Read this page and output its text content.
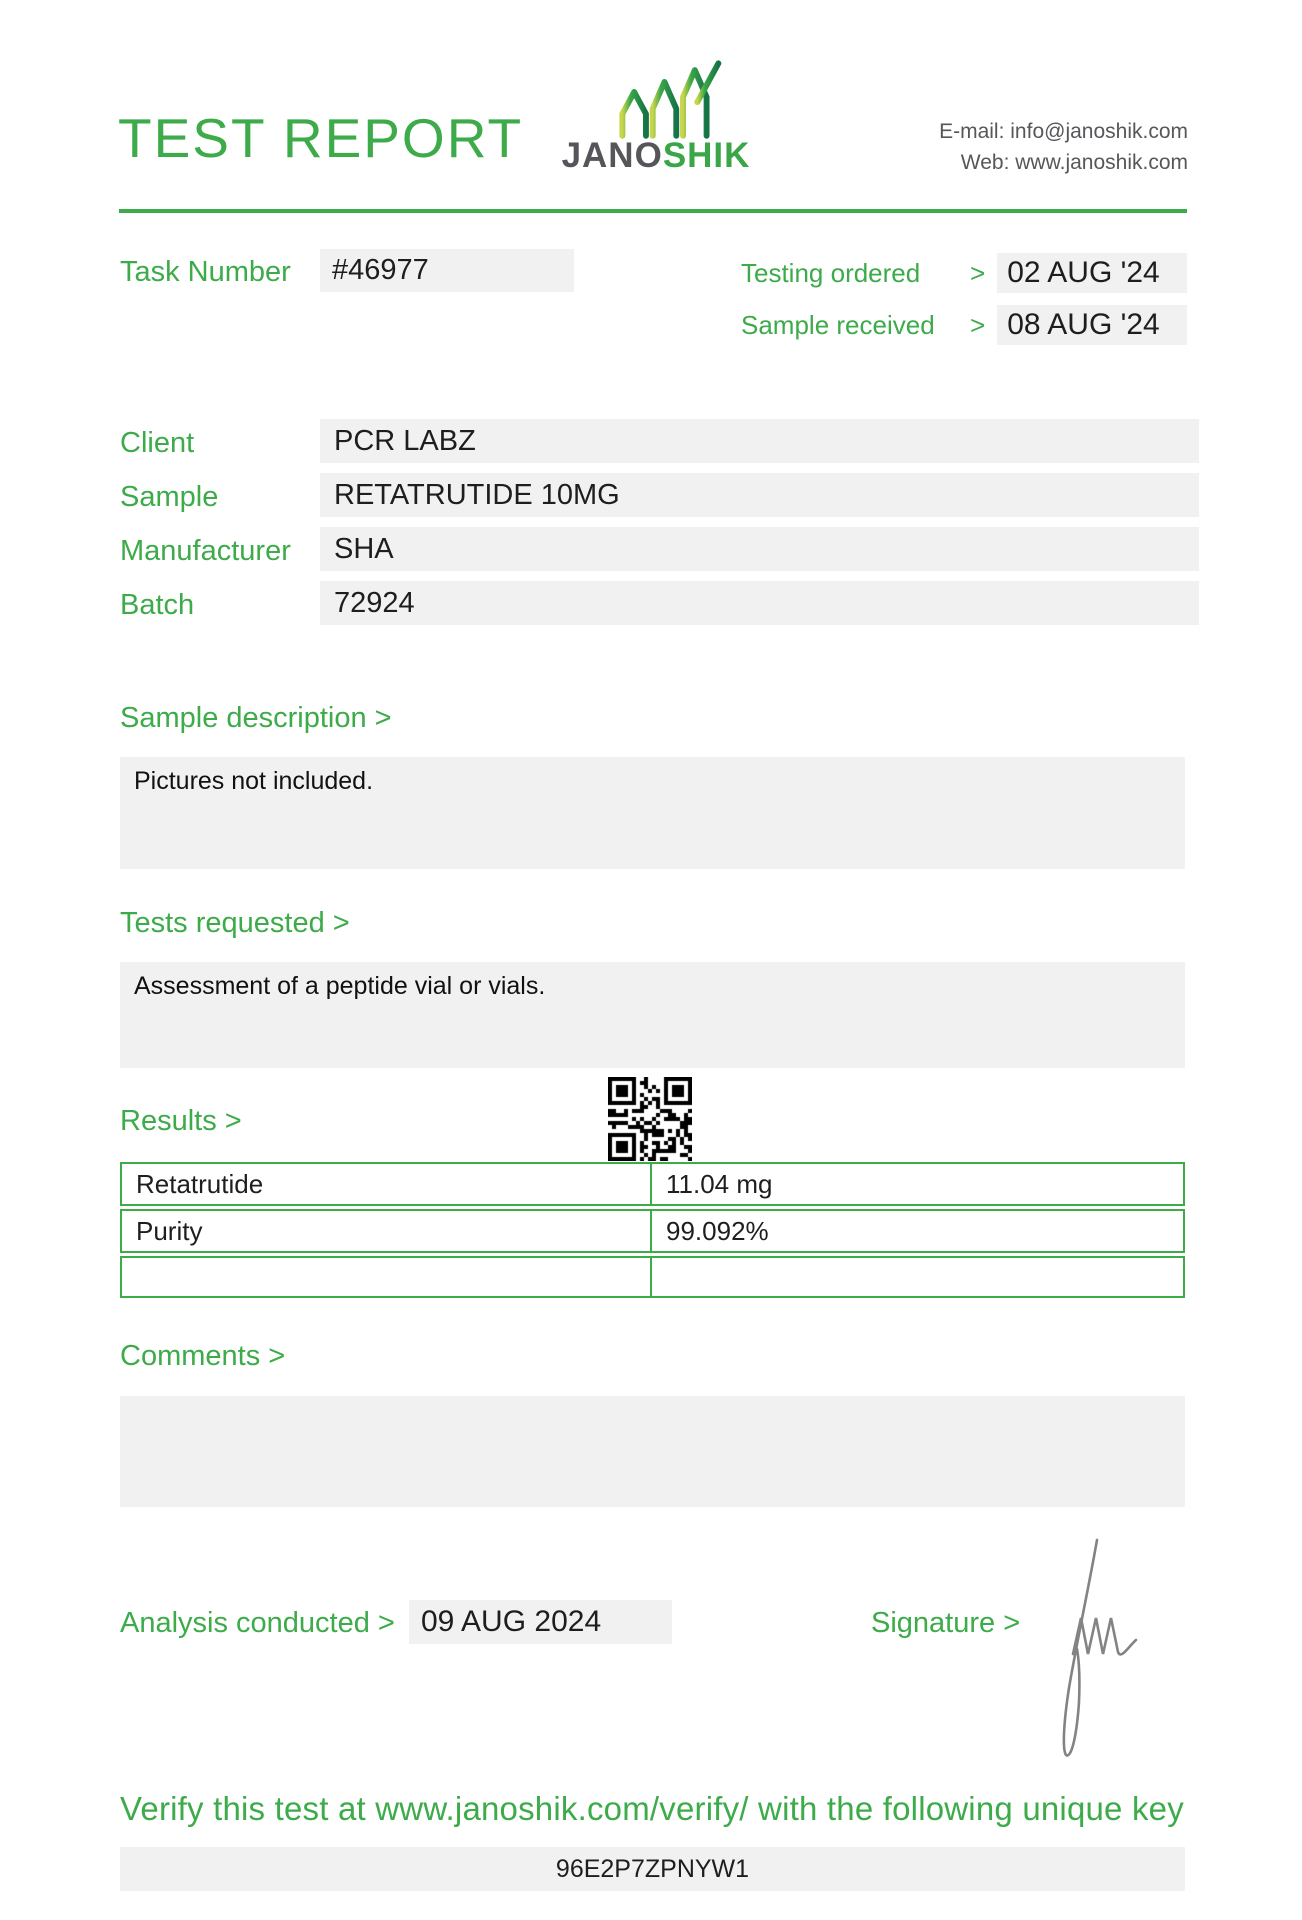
TEST REPORT JANOSHIK
E-mail: info@janoshik.com
Web: www.janoshik.com
Task Number	#46977	Testing ordered	> 02 AUG '24
Sample received	> 08 AUG '24
Client	PCR LABZ
Sample	RETATRUTIDE 10MG
Manufacturer	SHA
Batch	72924
Sample description >
Pictures not included.
Tests requested >
Assessment of a peptide vial or vials.
Results >
Retatrutide	11.04 mg
Purity	99.092%
Comments >
Analysis conducted > 09 AUG 2024	Signature >
Verify this test at www.janoshik.com/verify/ with the following unique key
96E2P7ZPNYW1
